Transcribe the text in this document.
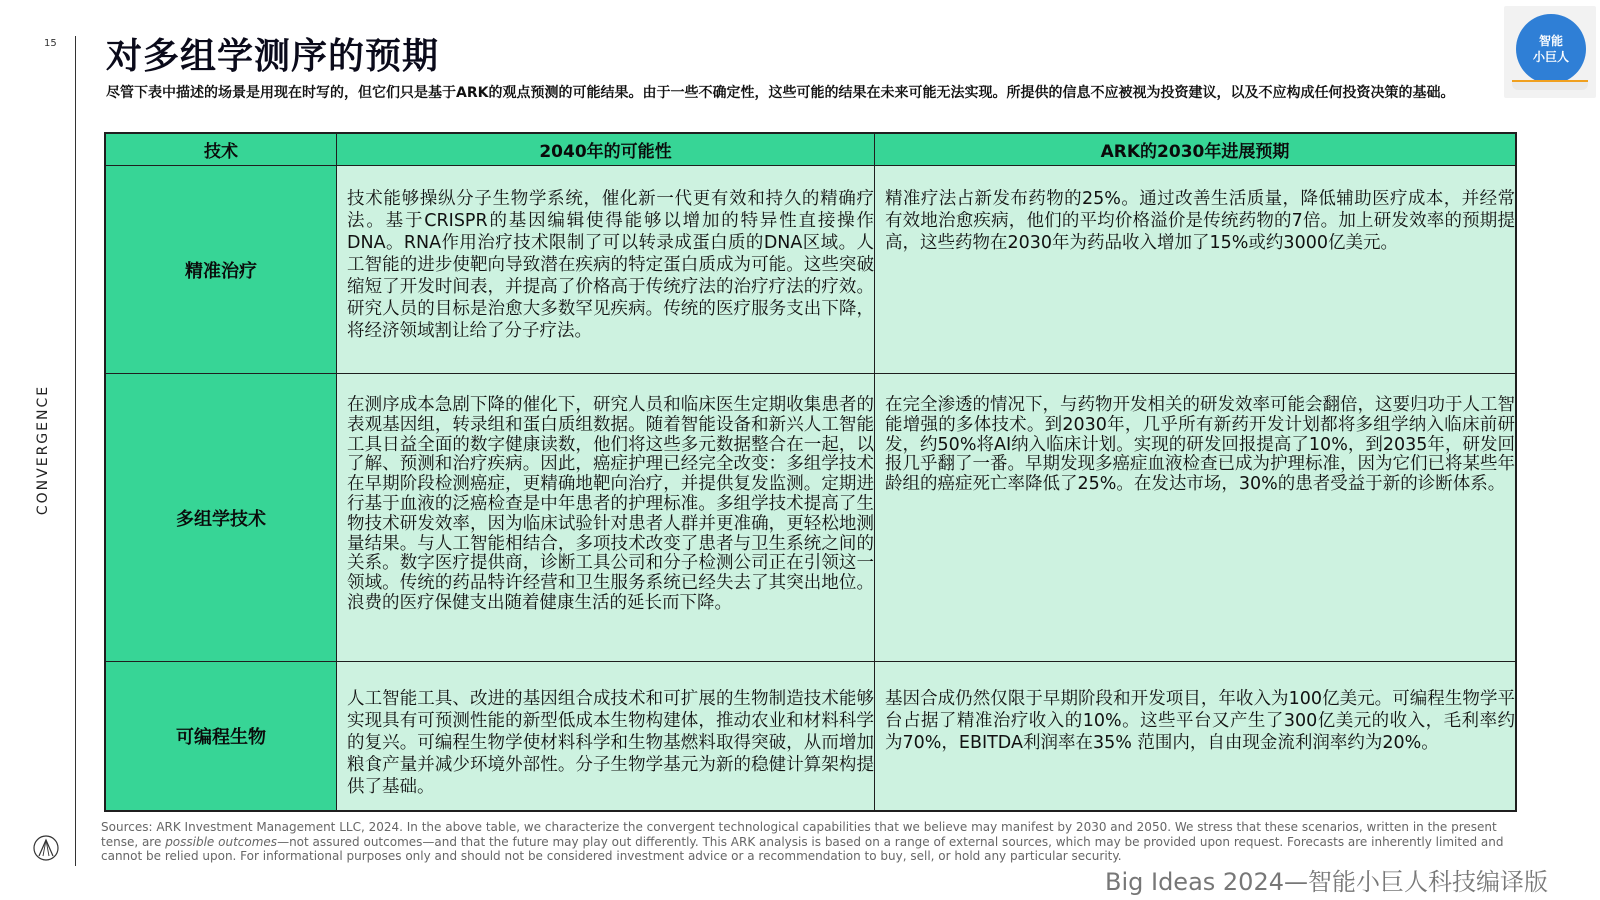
15
CONVERGENCE
对多组学测序的预期

尽管下表中描述的场景是用现在时写的，但它们只是基于ARK的观点预测的可能结果。由于一些不确定性，这些可能的结果在未来可能无法实现。所提供的信息不应被视为投资建议，以及不应构成任何投资决策的基础。

智能
小巨人
技术	2040年的可能性	ARK的2030年进展预期
精准治疗
技术能够操纵分子生物学系统，催化新一代更有效和持久的精确疗法。基于CRISPR的基因编辑使得能够以增加的特异性直接操作DNA。RNA作用治疗技术限制了可以转录成蛋白质的DNA区域。人工智能的进步使靶向导致潜在疾病的特定蛋白质成为可能。这些突破缩短了开发时间表，并提高了价格高于传统疗法的治疗疗法的疗效。研究人员的目标是治愈大多数罕见疾病。传统的医疗服务支出下降，将经济领域割让给了分子疗法。
精准疗法占新发布药物的25%。通过改善生活质量，降低辅助医疗成本，并经常有效地治愈疾病，他们的平均价格溢价是传统药物的7倍。加上研发效率的预期提高，这些药物在2030年为药品收入增加了15%或约3000亿美元。
多组学技术
在测序成本急剧下降的催化下，研究人员和临床医生定期收集患者的表观基因组，转录组和蛋白质组数据。随着智能设备和新兴人工智能工具日益全面的数字健康读数，他们将这些多元数据整合在一起，以了解、预测和治疗疾病。因此，癌症护理已经完全改变：多组学技术在早期阶段检测癌症，更精确地靶向治疗，并提供复发监测。定期进行基于血液的泛癌检查是中年患者的护理标准。多组学技术提高了生物技术研发效率，因为临床试验针对患者人群并更准确，更轻松地测量结果。与人工智能相结合，多项技术改变了患者与卫生系统之间的关系。数字医疗提供商，诊断工具公司和分子检测公司正在引领这一领域。传统的药品特许经营和卫生服务系统已经失去了其突出地位。浪费的医疗保健支出随着健康生活的延长而下降。
在完全渗透的情况下，与药物开发相关的研发效率可能会翻倍，这要归功于人工智能增强的多体技术。到2030年，几乎所有新药开发计划都将多组学纳入临床前研发，约50%将AI纳入临床计划。实现的研发回报提高了10%，到2035年，研发回报几乎翻了一番。早期发现多癌症血液检查已成为护理标准，因为它们已将某些年龄组的癌症死亡率降低了25%。在发达市场，30%的患者受益于新的诊断体系。
可编程生物
人工智能工具、改进的基因组合成技术和可扩展的生物制造技术能够实现具有可预测性能的新型低成本生物构建体，推动农业和材料科学的复兴。可编程生物学使材料科学和生物基燃料取得突破，从而增加粮食产量并减少环境外部性。分子生物学基元为新的稳健计算架构提供了基础。
基因合成仍然仅限于早期阶段和开发项目，年收入为100亿美元。可编程生物学平台占据了精准治疗收入的10%。这些平台又产生了300亿美元的收入，毛利率约为70%，EBITDA利润率在35% 范围内，自由现金流利润率约为20%。

Sources: ARK Investment Management LLC, 2024. In the above table, we characterize the convergent technological capabilities that we believe may manifest by 2030 and 2050. We stress that these scenarios, written in the present tense, are possible outcomes—not assured outcomes—and that the future may play out differently. This ARK analysis is based on a range of external sources, which may be provided upon request. Forecasts are inherently limited and cannot be relied upon. For informational purposes only and should not be considered investment advice or a recommendation to buy, sell, or hold any particular security.

Big Ideas 2024—智能小巨人科技编译版
